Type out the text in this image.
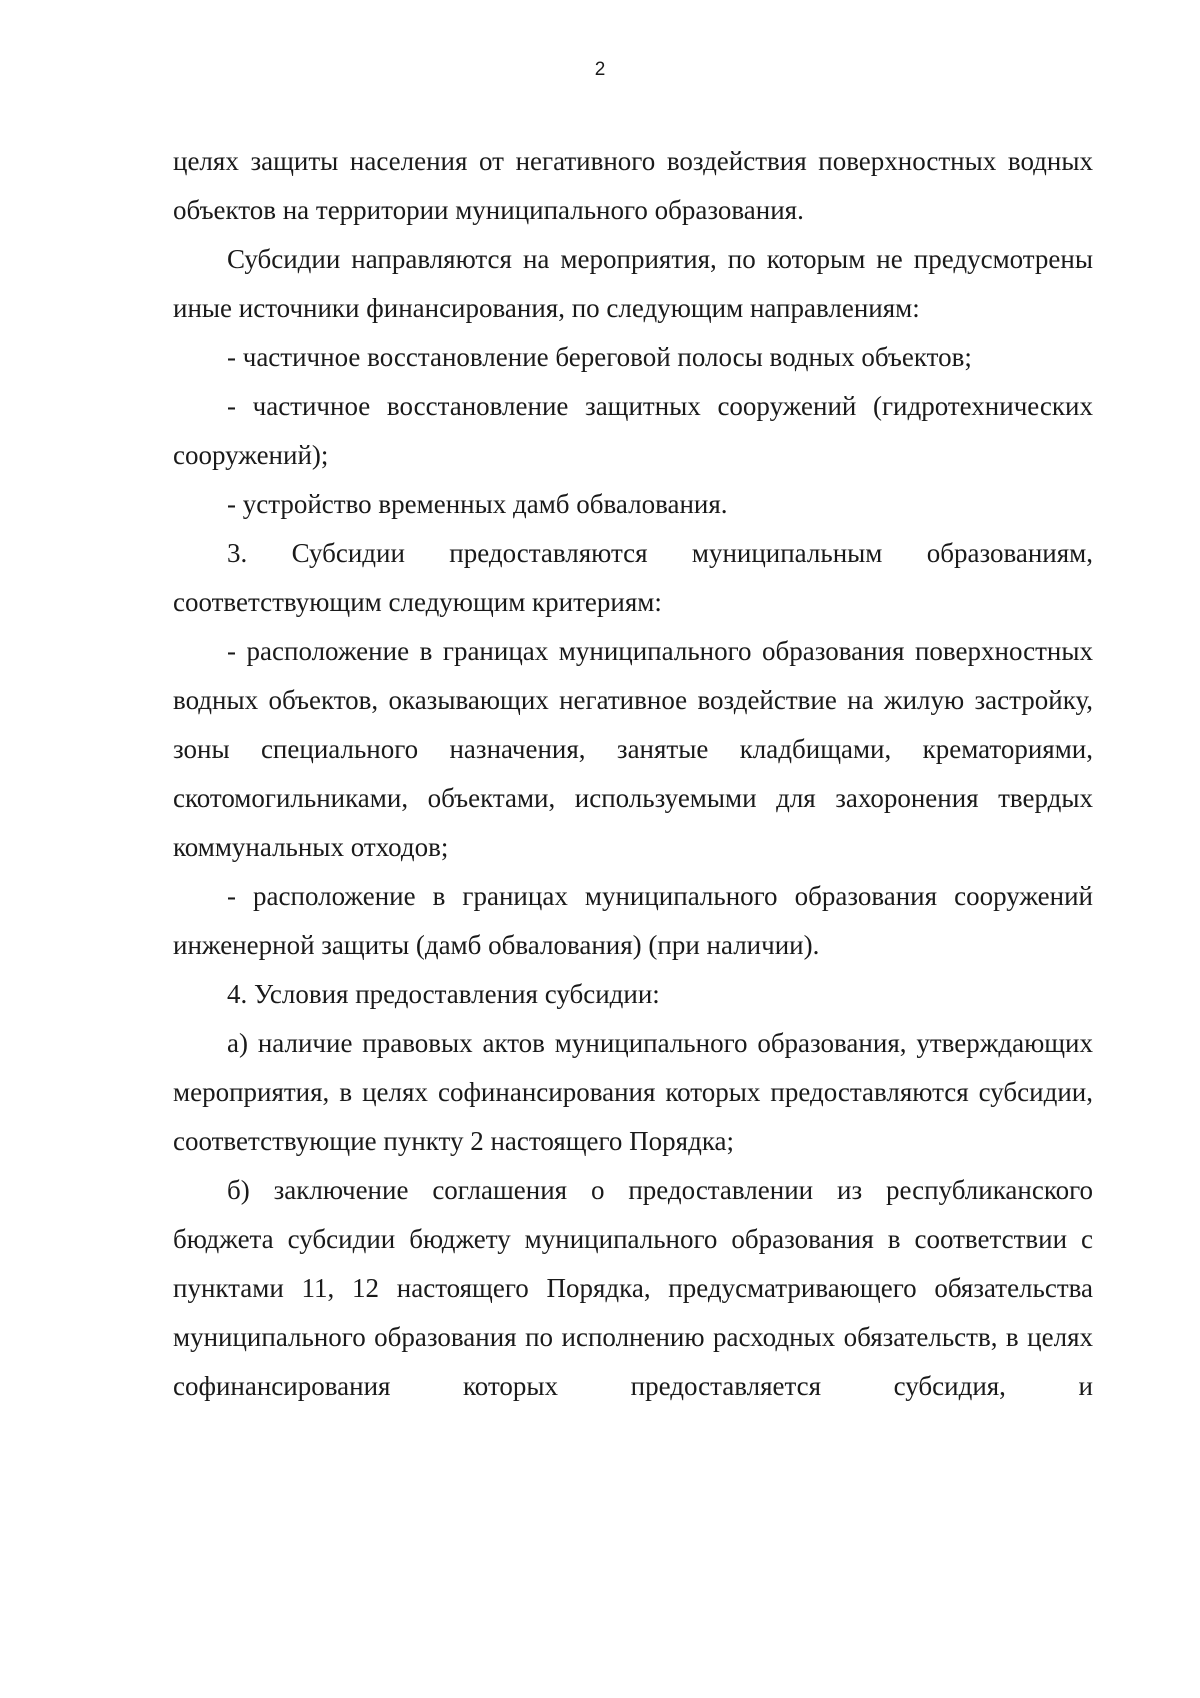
2

целях защиты населения от негативного воздействия поверхностных водных объектов на территории муниципального образования.

Субсидии направляются на мероприятия, по которым не предусмотрены иные источники финансирования, по следующим направлениям:

- частичное восстановление береговой полосы водных объектов;

- частичное восстановление защитных сооружений (гидротехнических сооружений);

- устройство временных дамб обвалования.

3. Субсидии предоставляются муниципальным образованиям, соответствующим следующим критериям:

- расположение в границах муниципального образования поверхностных водных объектов, оказывающих негативное воздействие на жилую застройку, зоны специального назначения, занятые кладбищами, крематориями, скотомогильниками, объектами, используемыми для захоронения твердых коммунальных отходов;

- расположение в границах муниципального образования сооружений инженерной защиты (дамб обвалования) (при наличии).

4. Условия предоставления субсидии:

а) наличие правовых актов муниципального образования, утверждающих мероприятия, в целях софинансирования которых предоставляются субсидии, соответствующие пункту 2 настоящего Порядка;

б) заключение соглашения о предоставлении из республиканского бюджета субсидии бюджету муниципального образования в соответствии с пунктами 11, 12 настоящего Порядка, предусматривающего обязательства муниципального образования по исполнению расходных обязательств, в целях софинансирования которых предоставляется субсидия, и
